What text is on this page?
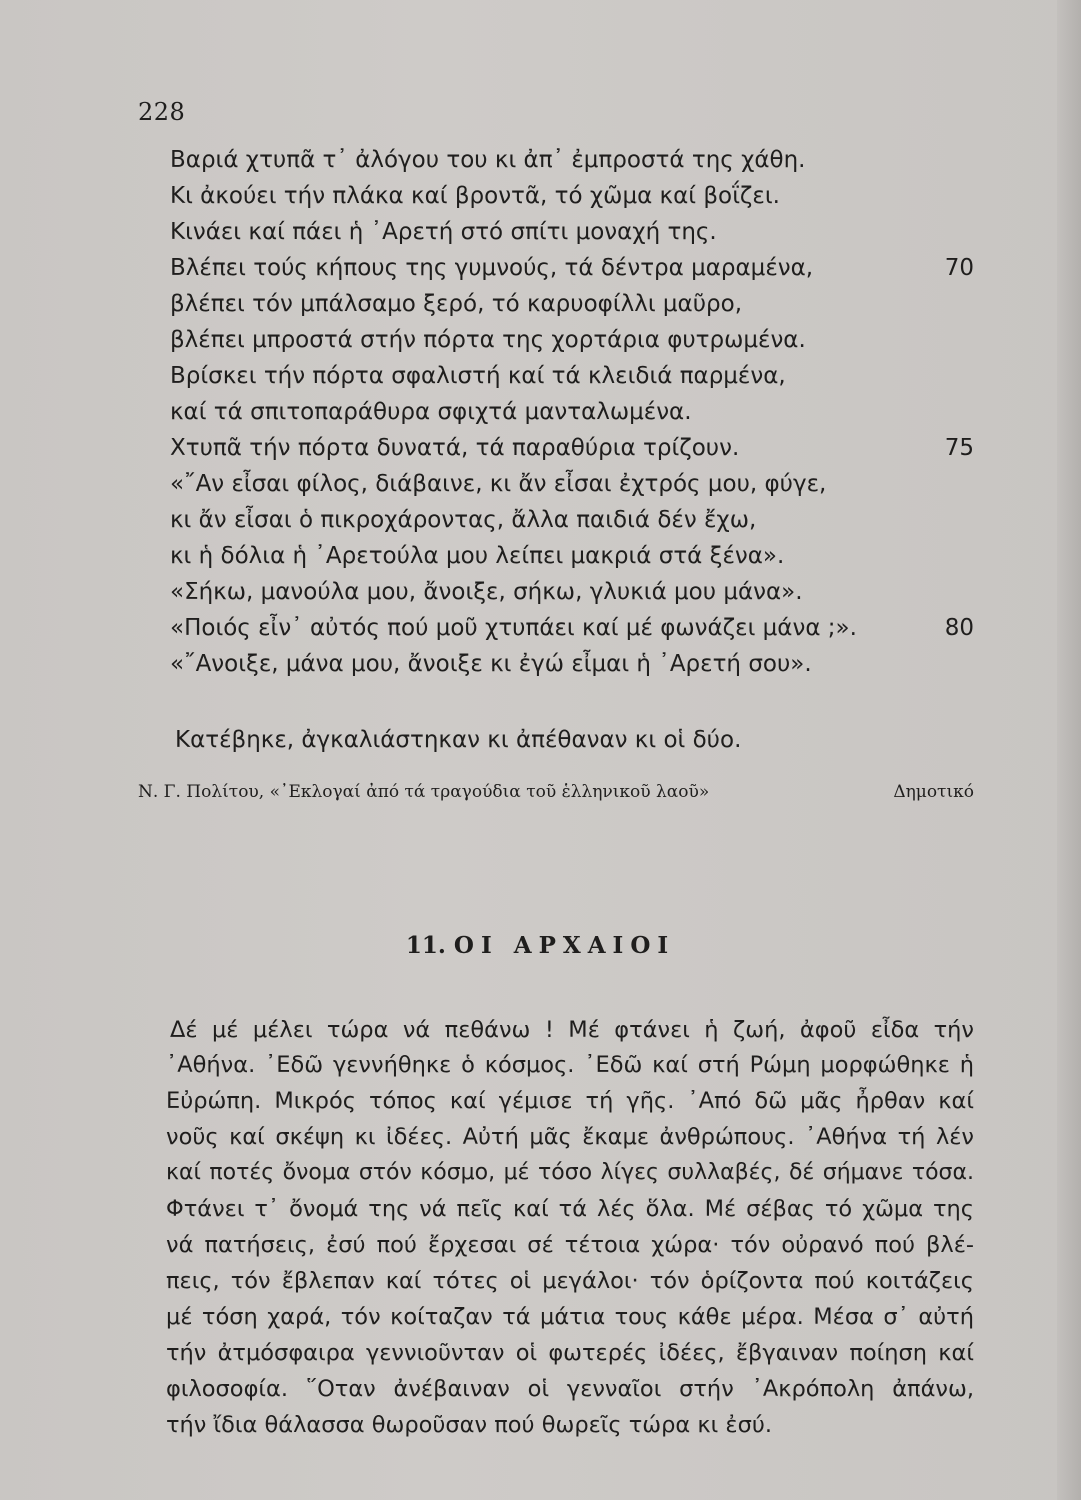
228
Βαριά χτυπᾶ τ᾽ ἀλόγου του κι ἀπ᾽ ἐμπροστά της χάθη.
Κι ἀκούει τήν πλάκα καί βροντᾶ, τό χῶμα καί βοΐζει.
Κινάει καί πάει ἡ ᾽Αρετή στό σπίτι μοναχή της.
Βλέπει τούς κήπους της γυμνούς, τά δέντρα μαραμένα,	70
βλέπει τόν μπάλσαμο ξερό, τό καρυοφίλλι μαῦρο,
βλέπει μπροστά στήν πόρτα της χορτάρια φυτρωμένα.
Βρίσκει τήν πόρτα σφαλιστή καί τά κλειδιά παρμένα,
καί τά σπιτοπαράθυρα σφιχτά μανταλωμένα.
Χτυπᾶ τήν πόρτα δυνατά, τά παραθύρια τρίζουν.	75
«῎Αν εἶσαι φίλος, διάβαινε, κι ἄν εἶσαι ἐχτρός μου, φύγε,
κι ἄν εἶσαι ὁ πικροχάροντας, ἄλλα παιδιά δέν ἔχω,
κι ἡ δόλια ἡ ᾽Αρετούλα μου λείπει μακριά στά ξένα».
«Σήκω, μανούλα μου, ἄνοιξε, σήκω, γλυκιά μου μάνα».
«Ποιός εἶν᾽ αὐτός πού μοῦ χτυπάει καί μέ φωνάζει μάνα ;».	80
«῎Ανοιξε, μάνα μου, ἄνοιξε κι ἐγώ εἶμαι ἡ ᾽Αρετή σου».
Κατέβηκε, ἀγκαλιάστηκαν κι ἀπέθαναν κι οἱ δύο.
Ν. Γ. Πολίτου, «᾽Εκλογαί ἀπό τά τραγούδια τοῦ ἑλληνικοῦ λαοῦ»	Δημοτικό
11. ΟΙ ΑΡΧΑΙΟΙ
Δέ μέ μέλει τώρα νά πεθάνω ! Μέ φτάνει ἡ ζωή, ἀφοῦ εἶδα τήν
᾽Αθήνα. ᾽Εδῶ γεννήθηκε ὁ κόσμος. ᾽Εδῶ καί στή Ρώμη μορφώθηκε ἡ
Εὐρώπη. Μικρός τόπος καί γέμισε τή γῆς. ᾽Από δῶ μᾶς ἦρθαν καί
νοῦς καί σκέψη κι ἰδέες. Αὐτή μᾶς ἔκαμε ἀνθρώπους. ᾽Αθήνα τή λέν
καί ποτές ὄνομα στόν κόσμο, μέ τόσο λίγες συλλαβές, δέ σήμανε τόσα.
Φτάνει τ᾽ ὄνομά της νά πεῖς καί τά λές ὅλα. Μέ σέβας τό χῶμα της
νά πατήσεις, ἐσύ πού ἔρχεσαι σέ τέτοια χώρα· τόν οὐρανό πού βλέ-
πεις, τόν ἔβλεπαν καί τότες οἱ μεγάλοι· τόν ὁρίζοντα πού κοιτάζεις
μέ τόση χαρά, τόν κοίταζαν τά μάτια τους κάθε μέρα. Μέσα σ᾽ αὐτή
τήν ἀτμόσφαιρα γεννιοῦνταν οἱ φωτερές ἰδέες, ἔβγαιναν ποίηση καί
φιλοσοφία. ῞Οταν ἀνέβαιναν οἱ γενναῖοι στήν ᾽Ακρόπολη ἀπάνω,
τήν ἴδια θάλασσα θωροῦσαν πού θωρεῖς τώρα κι ἐσύ.
